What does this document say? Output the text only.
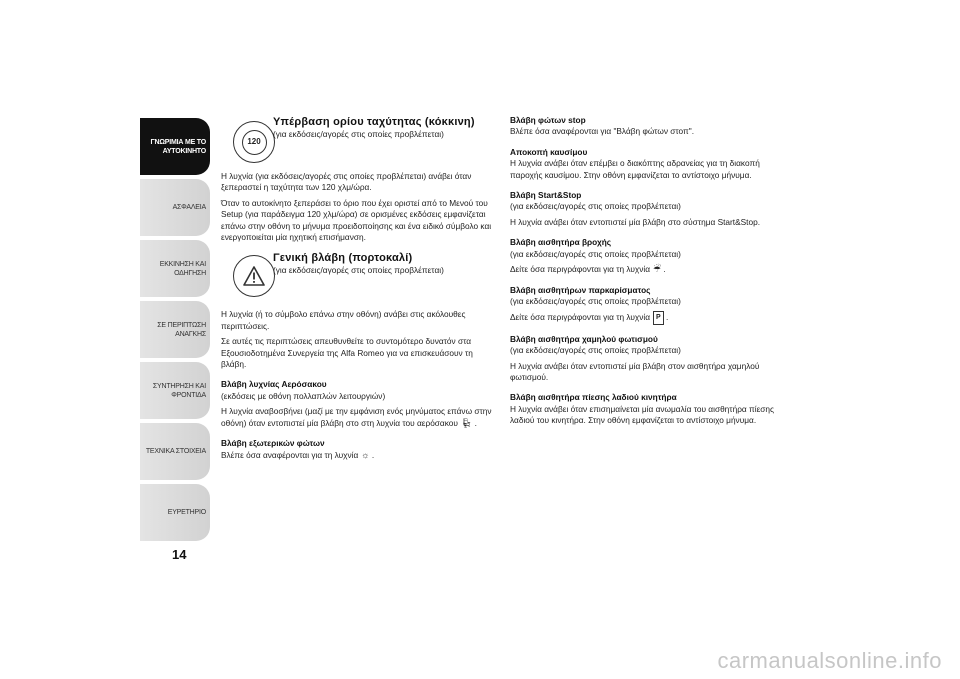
ΓΝΩΡΙΜΙΑ ΜΕ ΤΟ ΑΥΤΟΚΙΝΗΤΟ
ΑΣΦΑΛΕΙΑ
ΕΚΚΙΝΗΣΗ ΚΑΙ ΟΔΗΓΗΣΗ
ΣΕ ΠΕΡΙΠΤΩΣΗ ΑΝΑΓΚΗΣ
ΣΥΝΤΗΡΗΣΗ ΚΑΙ ΦΡΟΝΤΙΔΑ
ΤΕΧΝΙΚΑ ΣΤΟΙΧΕΙΑ
ΕΥΡΕΤΗΡΙΟ
14
120
Υπέρβαση ορίου ταχύτητας (κόκκινη)
(για εκδόσεις/αγορές στις οποίες προβλέπεται)

Η λυχνία (για εκδόσεις/αγορές στις οποίες προβλέπεται) ανάβει όταν ξεπεραστεί η ταχύτητα των 120 χλμ/ώρα.

Όταν το αυτοκίνητο ξεπεράσει το όριο που έχει οριστεί από το Μενού του Setup (για παράδειγμα 120 χλμ/ώρα) σε ορισμένες εκδόσεις εμφανίζεται επάνω στην οθόνη το μήνυμα προειδοποίησης και ένα ειδικό σύμβολο και ενεργοποιείται μία ηχητική επισήμανση.

Γενική βλάβη (πορτοκαλί)
(για εκδόσεις/αγορές στις οποίες προβλέπεται)

Η λυχνία (ή το σύμβολο επάνω στην οθόνη) ανάβει στις ακόλουθες περιπτώσεις.

Σε αυτές τις περιπτώσεις απευθυνθείτε το συντομότερο δυνατόν στα Εξουσιοδοτημένα Συνεργεία της Alfa Romeo για να επισκευάσουν τη βλάβη.

Βλάβη λυχνίας Αερόσακου

(εκδόσεις με οθόνη πολλαπλών λειτουργιών)

Η λυχνία αναβοσβήνει (μαζί με την εμφάνιση ενός μηνύματος επάνω στην οθόνη) όταν εντοπιστεί μία βλάβη στο στη λυχνία του αερόσακου 💺︎ .

Βλάβη εξωτερικών φώτων

Βλέπε όσα αναφέρονται για τη λυχνία ☼ .

Βλάβη φώτων stop

Βλέπε όσα αναφέρονται για "Βλάβη φώτων στοπ".

Αποκοπή καυσίμου

Η λυχνία ανάβει όταν επέμβει ο διακόπτης αδρανείας για τη διακοπή παροχής καυσίμου. Στην οθόνη εμφανίζεται το αντίστοιχο μήνυμα.

Βλάβη Start&Stop

(για εκδόσεις/αγορές στις οποίες προβλέπεται)

Η λυχνία ανάβει όταν εντοπιστεί μία βλάβη στο σύστημα Start&Stop.

Βλάβη αισθητήρα βροχής

(για εκδόσεις/αγορές στις οποίες προβλέπεται)

Δείτε όσα περιγράφονται για τη λυχνία ☔︎ .

Βλάβη αισθητήρων παρκαρίσματος

(για εκδόσεις/αγορές στις οποίες προβλέπεται)

Δείτε όσα περιγράφονται για τη λυχνία P .

Βλάβη αισθητήρα χαμηλού φωτισμού

(για εκδόσεις/αγορές στις οποίες προβλέπεται)

Η λυχνία ανάβει όταν εντοπιστεί μία βλάβη στον αισθητήρα χαμηλού φωτισμού.

Βλάβη αισθητήρα πίεσης λαδιού κινητήρα

Η λυχνία ανάβει όταν επισημαίνεται μία ανωμαλία του αισθητήρα πίεσης λαδιού του κινητήρα. Στην οθόνη εμφανίζεται το αντίστοιχο μήνυμα.

carmanualsonline.info
